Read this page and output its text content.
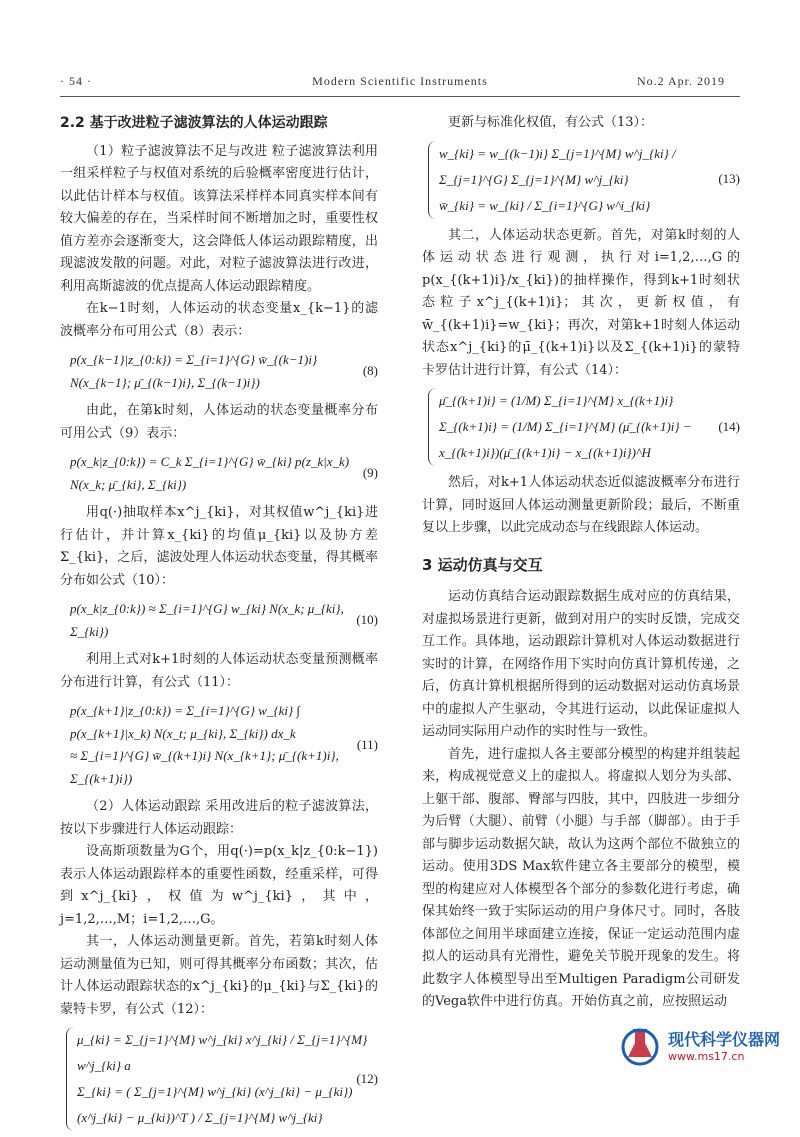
· 54 ·	Modern Scientific Instruments	No.2 Apr. 2019
2.2 基于改进粒子滤波算法的人体运动跟踪

（1）粒子滤波算法不足与改进 粒子滤波算法利用一组采样粒子与权值对系统的后验概率密度进行估计，以此估计样本与权值。该算法采样样本同真实样本间有较大偏差的存在，当采样时间不断增加之时，重要性权值方差亦会逐渐变大，这会降低人体运动跟踪精度，出现滤波发散的问题。对此，对粒子滤波算法进行改进，利用高斯滤波的优点提高人体运动跟踪精度。

在k−1时刻，人体运动的状态变量x_{k−1}的滤波概率分布可用公式（8）表示：

p(x_{k−1}|z_{0:k}) = Σ_{i=1}^{G} w̄_{(k−1)i} N(x_{k−1}; μ̄_{(k−1)i}, Σ_{(k−1)i})
(8)

由此，在第k时刻，人体运动的状态变量概率分布可用公式（9）表示：

p(x_k|z_{0:k}) = C_k Σ_{i=1}^{G} w̄_{ki} p(z_k|x_k) N(x_k; μ̄_{ki}, Σ_{ki})
(9)

用q(·)抽取样本x^j_{ki}，对其权值w^j_{ki}进行估计，并计算x_{ki}的均值μ_{ki}以及协方差Σ_{ki}，之后，滤波处理人体运动状态变量，得其概率分布如公式（10）：

p(x_k|z_{0:k}) ≈ Σ_{i=1}^{G} w_{ki} N(x_k; μ_{ki}, Σ_{ki})
(10)

利用上式对k+1时刻的人体运动状态变量预测概率分布进行计算，有公式（11）：

p(x_{k+1}|z_{0:k}) = Σ_{i=1}^{G} w_{ki} ∫ p(x_{k+1}|x_k) N(x_t; μ_{ki}, Σ_{ki}) dx_k
≈ Σ_{i=1}^{G} w̄_{(k+1)i} N(x_{k+1}; μ̄_{(k+1)i}, Σ_{(k+1)i})
(11)

（2）人体运动跟踪 采用改进后的粒子滤波算法，按以下步骤进行人体运动跟踪：

设高斯项数量为G个，用q(·)=p(x_k|z_{0:k−1})表示人体运动跟踪样本的重要性函数，经重采样，可得到x^j_{ki}，权值为w^j_{ki}，其中，j=1,2,…,M；i=1,2,…,G。

其一，人体运动测量更新。首先，若第k时刻人体运动测量值为已知，则可得其概率分布函数；其次，估计人体运动跟踪状态的x^j_{ki}的μ_{ki}与Σ_{ki}的蒙特卡罗，有公式（12）：

μ_{ki} = Σ_{j=1}^{M} w^j_{ki} x^j_{ki} / Σ_{j=1}^{M} w^j_{ki} a
Σ_{ki} = ( Σ_{j=1}^{M} w^j_{ki} (x^j_{ki} − μ_{ki})(x^j_{ki} − μ_{ki})^T ) / Σ_{j=1}^{M} w^j_{ki}
(12)

更新与标准化权值，有公式（13）：

w_{ki} = w_{(k−1)i} Σ_{j=1}^{M} w^j_{ki} / Σ_{j=1}^{G} Σ_{j=1}^{M} w^j_{ki}
w̄_{ki} = w_{ki} / Σ_{i=1}^{G} w^i_{ki}
(13)

其二，人体运动状态更新。首先，对第k时刻的人体运动状态进行观测，执行对i=1,2,…,G的p(x_{(k+1)i}/x_{ki})的抽样操作，得到k+1时刻状态粒子x^j_{(k+1)i}；其次，更新权值，有w̄_{(k+1)i}=w_{ki}；再次，对第k+1时刻人体运动状态x^j_{ki}的μ̄_{(k+1)i}以及Σ_{(k+1)i}的蒙特卡罗估计进行计算，有公式（14）：

μ̄_{(k+1)i} = (1/M) Σ_{i=1}^{M} x_{(k+1)i}
Σ_{(k+1)i} = (1/M) Σ_{i=1}^{M} (μ̄_{(k+1)i} − x_{(k+1)i})(μ̄_{(k+1)i} − x_{(k+1)i})^H
(14)

然后，对k+1人体运动状态近似滤波概率分布进行计算，同时返回人体运动测量更新阶段；最后，不断重复以上步骤，以此完成动态与在线跟踪人体运动。

3 运动仿真与交互

运动仿真结合运动跟踪数据生成对应的仿真结果，对虚拟场景进行更新，做到对用户的实时反馈，完成交互工作。具体地，运动跟踪计算机对人体运动数据进行实时的计算，在网络作用下实时向仿真计算机传递，之后，仿真计算机根据所得到的运动数据对运动仿真场景中的虚拟人产生驱动，令其进行运动，以此保证虚拟人运动同实际用户动作的实时性与一致性。

首先，进行虚拟人各主要部分模型的构建并组装起来，构成视觉意义上的虚拟人。将虚拟人划分为头部、上躯干部、腹部、臀部与四肢，其中，四肢进一步细分为后臂（大腿）、前臂（小腿）与手部（脚部）。由于手部与脚步运动数据欠缺，故认为这两个部位不做独立的运动。使用3DS Max软件建立各主要部分的模型，模型的构建应对人体模型各个部分的参数化进行考虑，确保其始终一致于实际运动的用户身体尺寸。同时，各肢体部位之间用半球面建立连接，保证一定运动范围内虚拟人的运动具有光滑性，避免关节脱开现象的发生。将此数字人体模型导出至Multigen Paradigm公司研发的Vega软件中进行仿真。开始仿真之前，应按照运动

现代科学仪器网
www.ms17.cn
